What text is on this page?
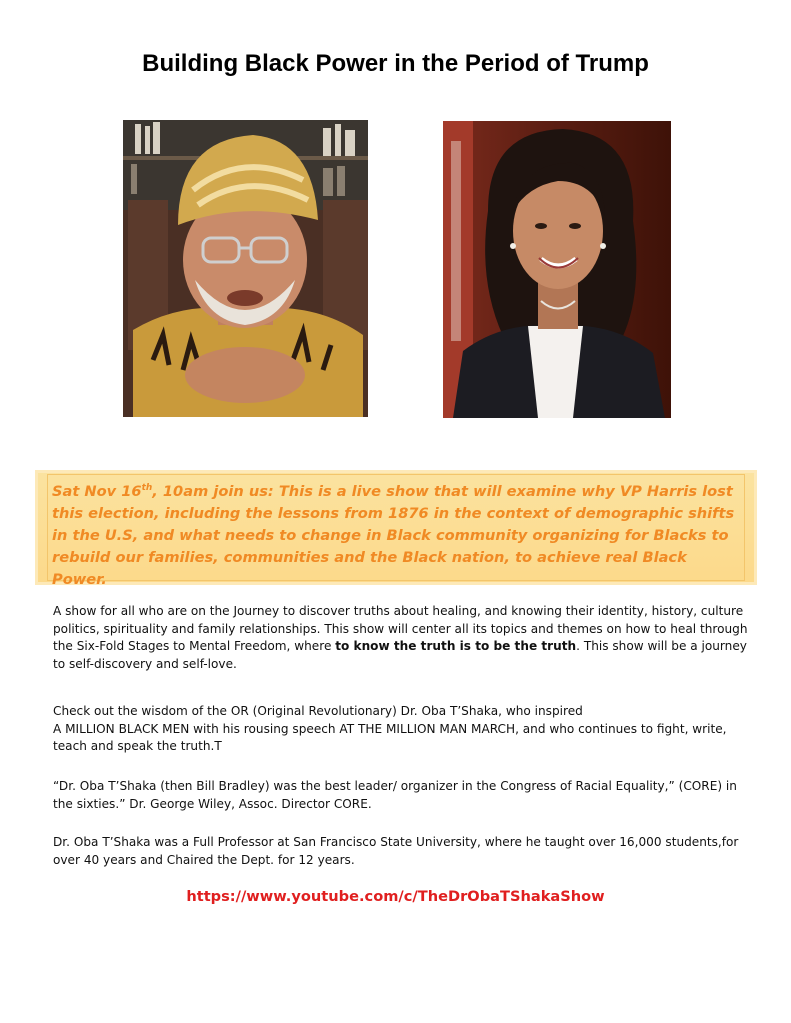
Building Black Power in the Period of Trump

Sat Nov 16th, 10am join us: This is a live show that will examine why VP Harris lost this election, including the lessons from 1876 in the context of demographic shifts in the U.S, and what needs to change in Black community organizing for Blacks to rebuild our families, communities and the Black nation, to achieve real Black Power.

A show for all who are on the Journey to discover truths about healing, and knowing their identity, history, culture politics, spirituality and family relationships. This show will center all its topics and themes on how to heal through the Six-Fold Stages to Mental Freedom, where to know the truth is to be the truth. This show will be a journey to self-discovery and self-love.

Check out the wisdom of the OR (Original Revolutionary) Dr. Oba T’Shaka, who inspired
A MILLION BLACK MEN with his rousing speech AT THE MILLION MAN MARCH, and who continues to fight, write, teach and speak the truth.T

“Dr. Oba T’Shaka (then Bill Bradley) was the best leader/ organizer in the Congress of Racial Equality,” (CORE) in the sixties.” Dr. George Wiley, Assoc. Director CORE.

Dr. Oba T’Shaka was a Full Professor at San Francisco State University, where he taught over 16,000 students,for over 40 years and Chaired the Dept. for 12 years.

https://www.youtube.com/c/TheDrObaTShakaShow
